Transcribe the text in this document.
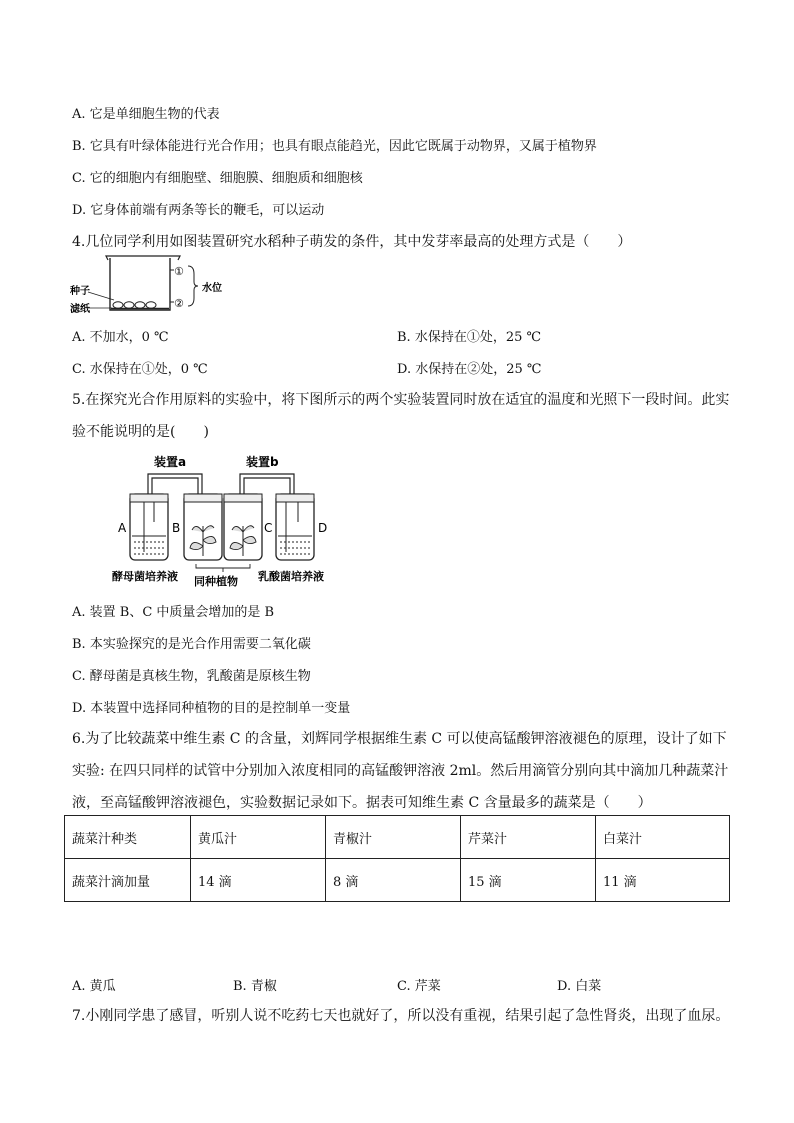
A. 它是单细胞生物的代表
B. 它具有叶绿体能进行光合作用；也具有眼点能趋光，因此它既属于动物界，又属于植物界
C. 它的细胞内有细胞壁、细胞膜、细胞质和细胞核
D. 它身体前端有两条等长的鞭毛，可以运动
4.几位同学利用如图装置研究水稻种子萌发的条件，其中发芽率最高的处理方式是（　　）
种子
滤纸
①
②
水位
A. 不加水，0 ℃	B. 水保持在①处，25 ℃
C. 水保持在①处，0 ℃	D. 水保持在②处，25 ℃
5.在探究光合作用原料的实验中，将下图所示的两个实验装置同时放在适宜的温度和光照下一段时间。此实
验不能说明的是(　　)
装置a	装置b
A	B	C	D
酵母菌培养液 同种植物 乳酸菌培养液
A. 装置 B、C 中质量会增加的是 B
B. 本实验探究的是光合作用需要二氧化碳
C. 酵母菌是真核生物，乳酸菌是原核生物
D. 本装置中选择同种植物的目的是控制单一变量
6.为了比较蔬菜中维生素 C 的含量，刘辉同学根据维生素 C 可以使高锰酸钾溶液褪色的原理，设计了如下
实验: 在四只同样的试管中分别加入浓度相同的高锰酸钾溶液 2ml。然后用滴管分别向其中滴加几种蔬菜汁
液，至高锰酸钾溶液褪色，实验数据记录如下。据表可知维生素 C 含量最多的蔬菜是（　　）
蔬菜汁种类	黄瓜汁	青椒汁	芹菜汁	白菜汁
蔬菜汁滴加量	14 滴	8 滴	15 滴	11 滴
A. 黄瓜	B. 青椒	C. 芹菜	D. 白菜
7.小刚同学患了感冒，听别人说不吃药七天也就好了，所以没有重视，结果引起了急性肾炎，出现了血尿。
